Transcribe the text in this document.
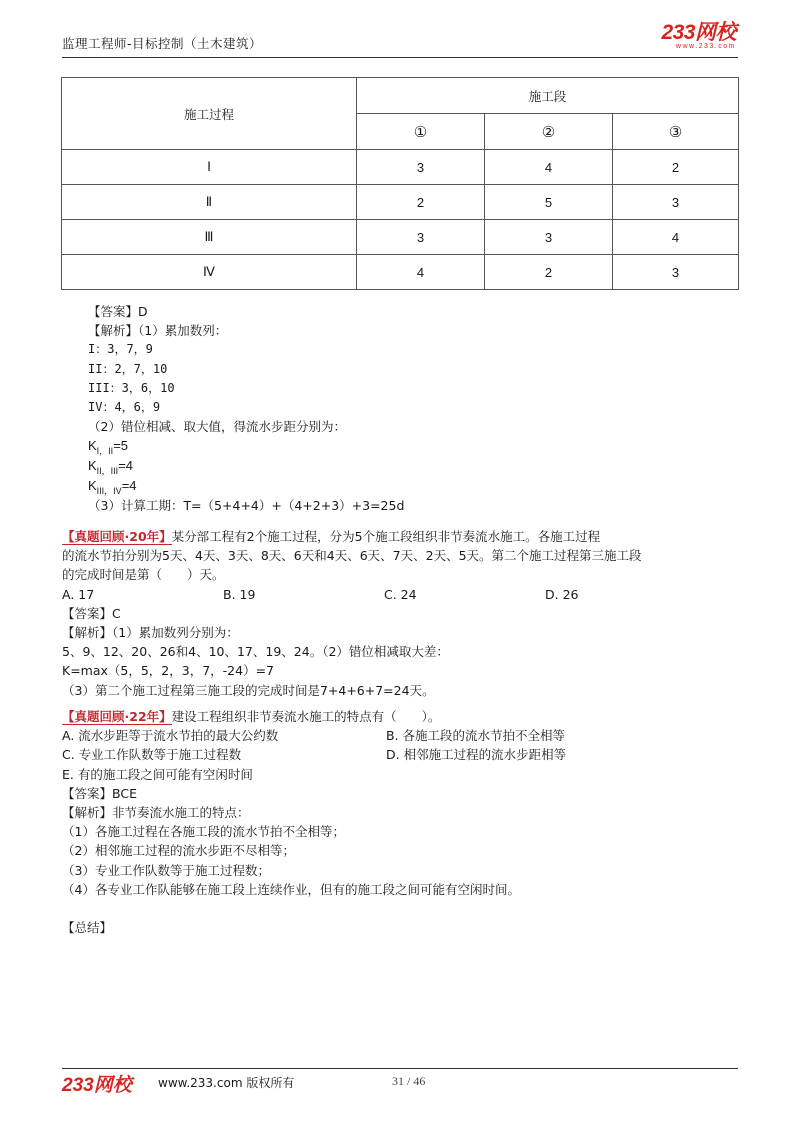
监理工程师-目标控制（土木建筑）	233网校
www.233.com
施工过程	施工段		
	①	②	③
Ⅰ	3	4	2
Ⅱ	2	5	3
Ⅲ	3	3	4
Ⅳ	4	2	3
【答案】D
【解析】（1）累加数列：
I：3，7，9
II：2，7，10
III：3，6，10
IV：4，6，9
（2）错位相减、取大值，得流水步距分别为：
$K_{I,II}=5$
$K_{II,III}=4$
$K_{III,IV}=4$
（3）计算工期：T=（5+4+4）+（4+2+3）+3=25d
【真题回顾·20年】某分部工程有2个施工过程，分为5个施工段组织非节奏流水施工。各施工过程
的流水节拍分别为5天、4天、3天、8天、6天和4天、6天、7天、2天、5天。第二个施工过程第三施工段
的完成时间是第（　　）天。
A. 17	B. 19	C. 24	D. 26
【答案】C
【解析】（1）累加数列分别为：
5、9、12、20、26和4、10、17、19、24。（2）错位相减取大差：
K=max（5，5，2，3，7，-24）=7
（3）第二个施工过程第三施工段的完成时间是7+4+6+7=24天。
【真题回顾·22年】建设工程组织非节奏流水施工的特点有（　　）。
A. 流水步距等于流水节拍的最大公约数	B. 各施工段的流水节拍不全相等
C. 专业工作队数等于施工过程数	D. 相邻施工过程的流水步距相等
E. 有的施工段之间可能有空闲时间
【答案】BCE
【解析】非节奏流水施工的特点：
（1）各施工过程在各施工段的流水节拍不全相等；
（2）相邻施工过程的流水步距不尽相等；
（3）专业工作队数等于施工过程数；
（4）各专业工作队能够在施工段上连续作业，但有的施工段之间可能有空闲时间。
【总结】
233网校 www.233.com 版权所有	31 / 46
